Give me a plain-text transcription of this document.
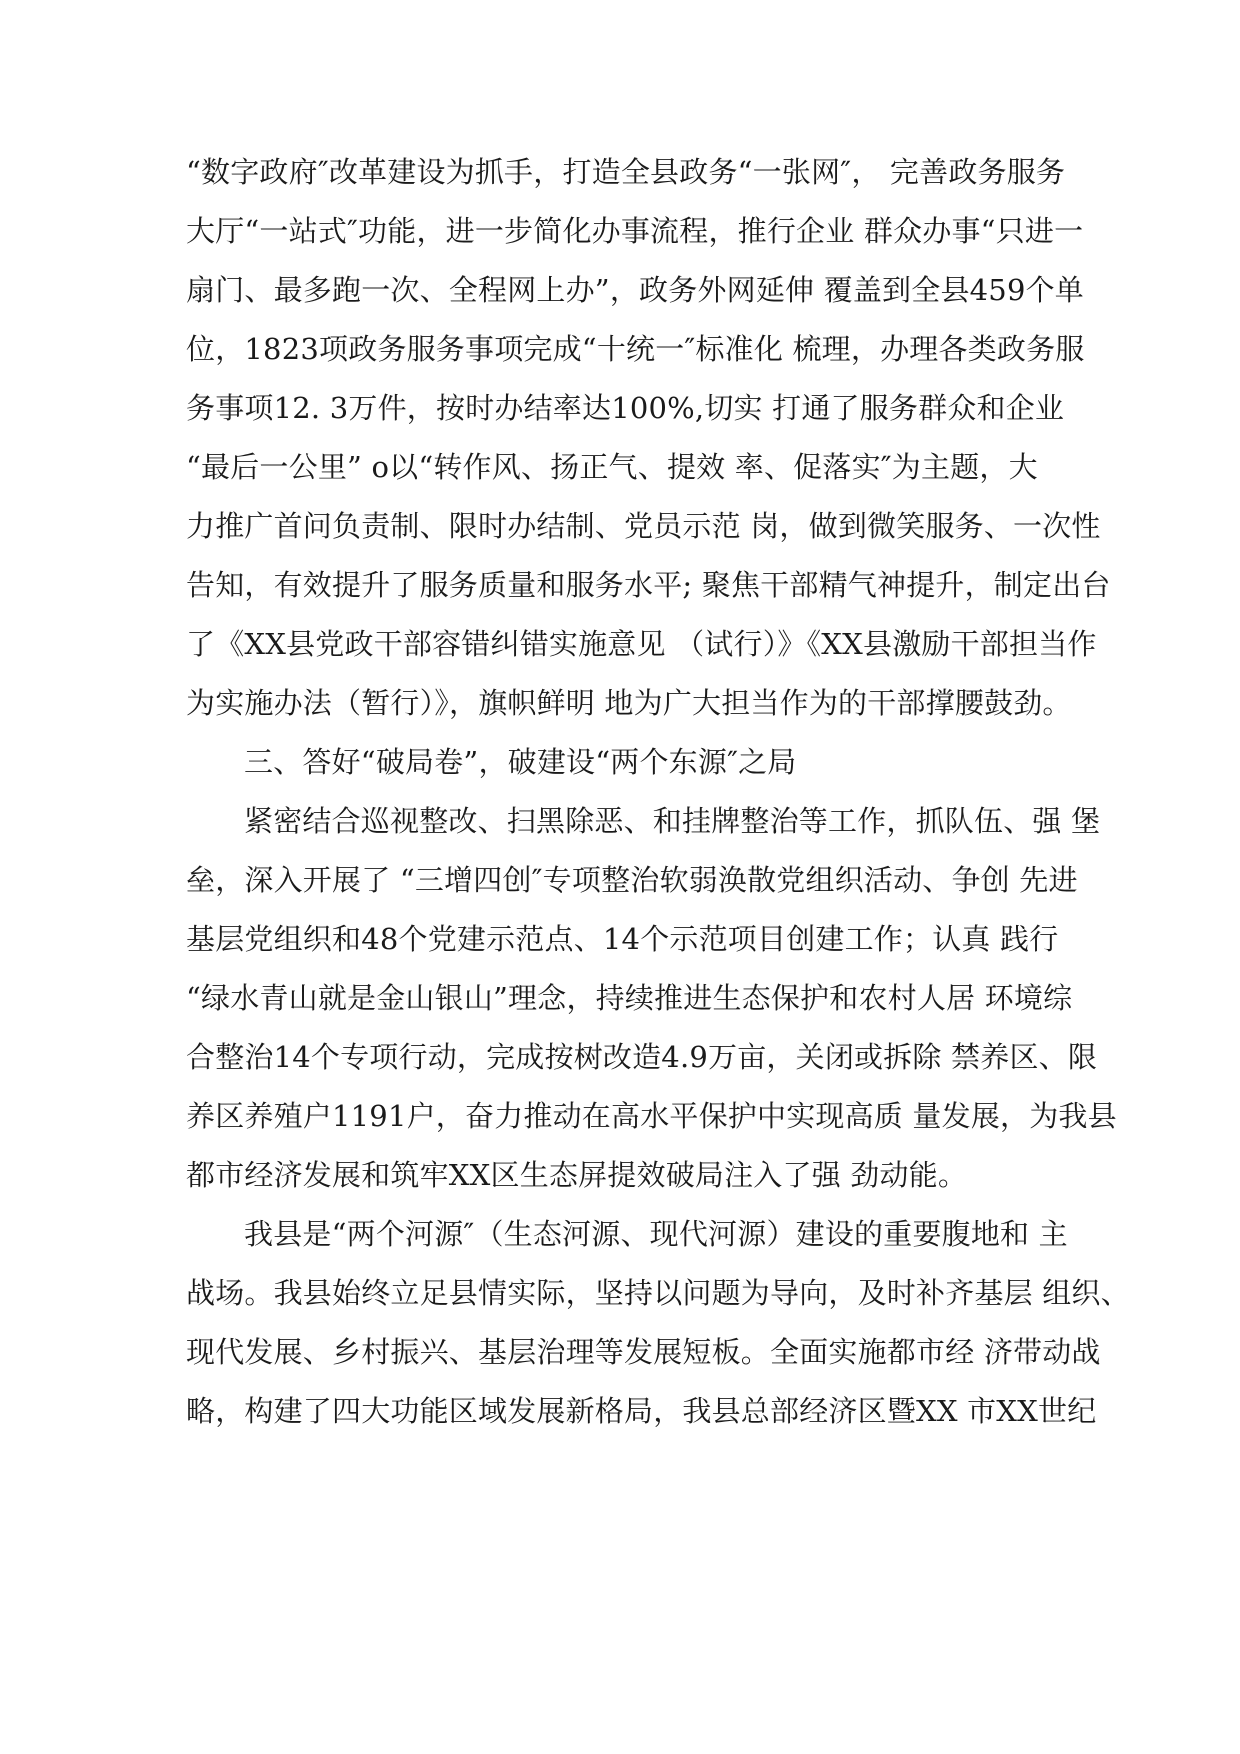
“数字政府″改革建设为抓手，打造全县政务“一张网″， 完善政务服务

大厅“一站式″功能，进一步简化办事流程，推行企业 群众办事“只进一

扇门、最多跑一次、全程网上办”，政务外网延伸 覆盖到全县459个单

位，1823项政务服务事项完成“十统一″标准化 梳理，办理各类政务服

务事项12. 3万件，按时办结率达100%,切实 打通了服务群众和企业

“最后一公里” o以“转作风、扬正气、提效 率、促落实″为主题，大

力推广首问负责制、限时办结制、党员示范 岗，做到微笑服务、一次性

告知，有效提升了服务质量和服务水平; 聚焦干部精气神提升，制定出台

了《XX县党政干部容错纠错实施意见 （试行）》《XX县激励干部担当作

为实施办法（暂行）》，旗帜鲜明 地为广大担当作为的干部撑腰鼓劲。

三、答好“破局卷”，破建设“两个东源″之局

紧密结合巡视整改、扫黑除恶、和挂牌整治等工作，抓队伍、强 堡

垒，深入开展了 “三增四创″专项整治软弱涣散党组织活动、争创 先进

基层党组织和48个党建示范点、14个示范项目创建工作；认真 践行

“绿水青山就是金山银山”理念，持续推进生态保护和农村人居 环境综

合整治14个专项行动，完成按树改造4.9万亩，关闭或拆除 禁养区、限

养区养殖户1191户，奋力推动在高水平保护中实现高质 量发展，为我县

都市经济发展和筑牢XX区生态屏提效破局注入了强 劲动能。

我县是“两个河源″（生态河源、现代河源）建设的重要腹地和 主

战场。我县始终立足县情实际，坚持以问题为导向，及时补齐基层 组织、

现代发展、乡村振兴、基层治理等发展短板。全面实施都市经 济带动战

略，构建了四大功能区域发展新格局，我县总部经济区暨XX 市XX世纪
